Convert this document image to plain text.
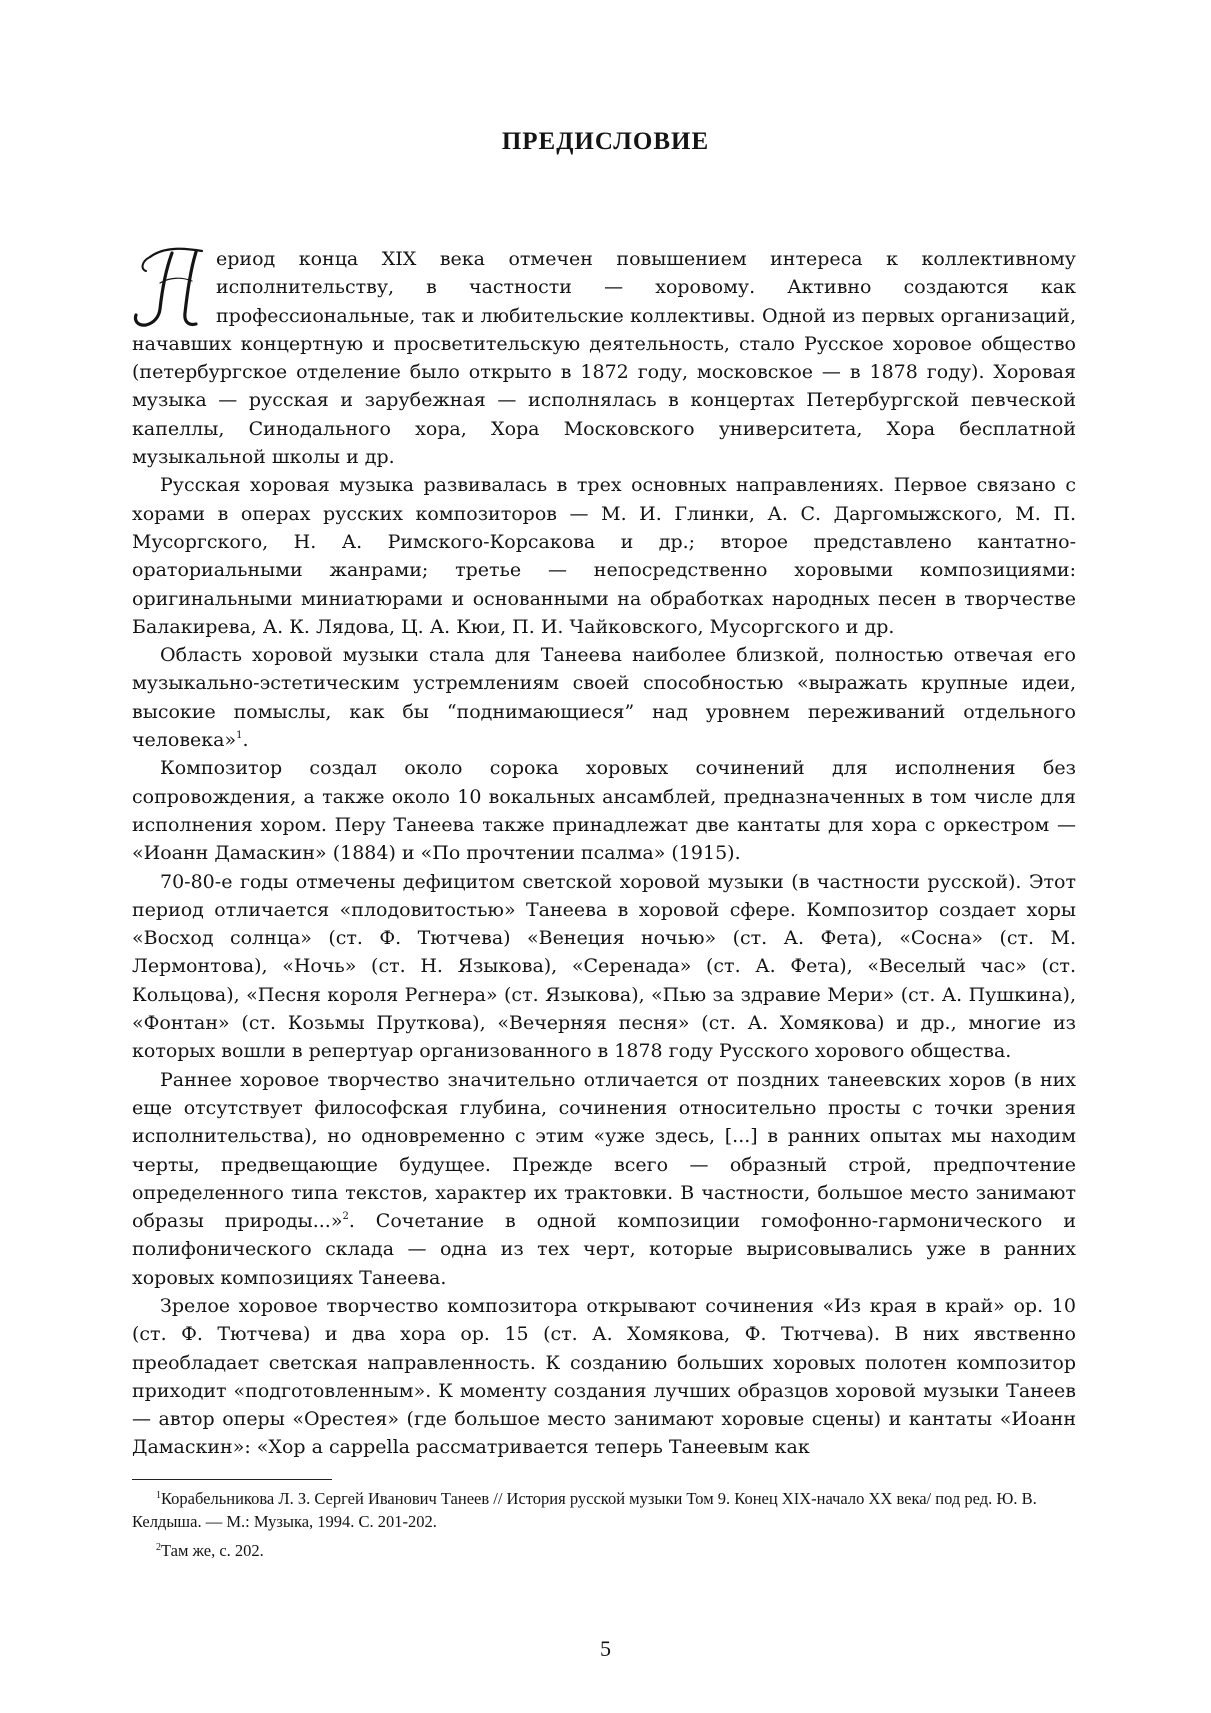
ПРЕДИСЛОВИЕ

ериод конца XIX века отмечен повышением интереса к коллективному исполнительству, в частности — хоровому. Активно создаются как профессиональные, так и любительские коллективы. Одной из первых организаций, начавших концертную и просветительскую деятельность, стало Русское хоровое общество (петербургское отделение было открыто в 1872 году, московское — в 1878 году). Хоровая музыка — русская и зарубежная — исполнялась в концертах Петербургской певческой капеллы, Синодального хора, Хора Московского университета, Хора бесплатной музыкальной школы и др.

Русская хоровая музыка развивалась в трех основных направлениях. Первое связано с хорами в операх русских композиторов — М. И. Глинки, А. С. Даргомыжского, М. П. Мусоргского, Н. А. Римского-Корсакова и др.; второе представлено кантатно-ораториальными жанрами; третье — непосредственно хоровыми композициями: оригинальными миниатюрами и основанными на обработках народных песен в творчестве Балакирева, А. К. Лядова, Ц. А. Кюи, П. И. Чайковского, Мусоргского и др.

Область хоровой музыки стала для Танеева наиболее близкой, полностью отвечая его музыкально-эстетическим устремлениям своей способностью «выражать крупные идеи, высокие помыслы, как бы “поднимающиеся” над уровнем переживаний отдельного человека»$^1$.

Композитор создал около сорока хоровых сочинений для исполнения без сопровождения, а также около 10 вокальных ансамблей, предназначенных в том числе для исполнения хором. Перу Танеева также принадлежат две кантаты для хора с оркестром — «Иоанн Дамаскин» (1884) и «По прочтении псалма» (1915).

70-80-е годы отмечены дефицитом светской хоровой музыки (в частности русской). Этот период отличается «плодовитостью» Танеева в хоровой сфере. Композитор создает хоры «Восход солнца» (ст. Ф. Тютчева) «Венеция ночью» (ст. А. Фета), «Сосна» (ст. М. Лермонтова), «Ночь» (ст. Н. Языкова), «Серенада» (ст. А. Фета), «Веселый час» (ст. Кольцова), «Песня короля Регнера» (ст. Языкова), «Пью за здравие Мери» (ст. А. Пушкина), «Фонтан» (ст. Козьмы Пруткова), «Вечерняя песня» (ст. А. Хомякова) и др., многие из которых вошли в репертуар организованного в 1878 году Русского хорового общества.

Раннее хоровое творчество значительно отличается от поздних танеевских хоров (в них еще отсутствует философская глубина, сочинения относительно просты с точки зрения исполнительства), но одновременно с этим «уже здесь, [...] в ранних опытах мы находим черты, предвещающие будущее. Прежде всего — образный строй, предпочтение определенного типа текстов, характер их трактовки. В частности, большое место занимают образы природы...»$^2$. Сочетание в одной композиции гомофонно-гармонического и полифонического склада — одна из тех черт, которые вырисовывались уже в ранних хоровых композициях Танеева.

Зрелое хоровое творчество композитора открывают сочинения «Из края в край» ор. 10 (ст. Ф. Тютчева) и два хора ор. 15 (ст. А. Хомякова, Ф. Тютчева). В них явственно преобладает светская направленность. К созданию больших хоровых полотен композитор приходит «подготовленным». К моменту создания лучших образцов хоровой музыки Танеев — автор оперы «Орестея» (где большое место занимают хоровые сцены) и кантаты «Иоанн Дамаскин»: «Хор a cappella рассматривается теперь Танеевым как

$^1$Корабельникова Л. З. Сергей Иванович Танеев // История русской музыки Том 9. Конец XIX-начало XX века/ под ред. Ю. В. Келдыша. — М.: Музыка, 1994. С. 201-202.

$^2$Там же, с. 202.

5
